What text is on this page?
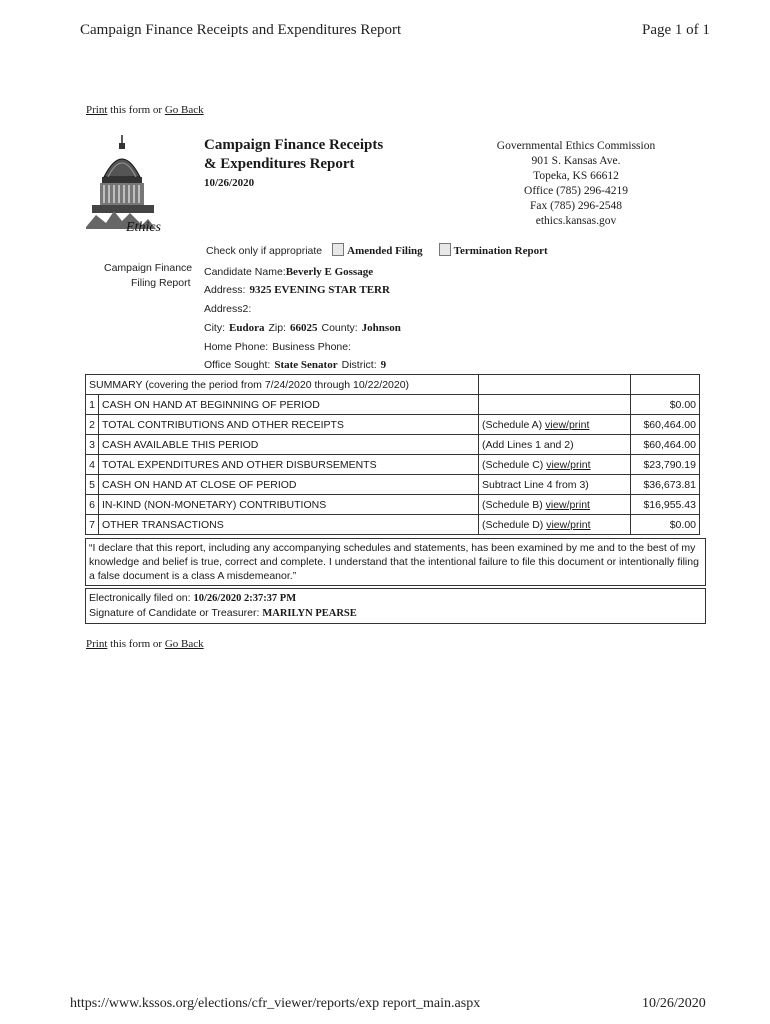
Campaign Finance Receipts and Expenditures Report	Page 1 of 1
Print this form or Go Back
Ethics
Campaign Finance Receipts
& Expenditures Report
10/26/2020
Governmental Ethics Commission
901 S. Kansas Ave.
Topeka, KS 66612
Office (785) 296-4219
Fax (785) 296-2548
ethics.kansas.gov
Check only if appropriate Amended Filing	Termination Report
Campaign Finance
Filing Report
Candidate Name:Beverly E Gossage
Address: 9325 EVENING STAR TERR
Address2:
City: Eudora Zip: 66025 County: Johnson
Home Phone: Business Phone:
Office Sought: State Senator District: 9
SUMMARY (covering the period from 7/24/2020 through 10/22/2020)			
1	CASH ON HAND AT BEGINNING OF PERIOD		$0.00
2	TOTAL CONTRIBUTIONS AND OTHER RECEIPTS	(Schedule A) view/print	$60,464.00
3	CASH AVAILABLE THIS PERIOD	(Add Lines 1 and 2)	$60,464.00
4	TOTAL EXPENDITURES AND OTHER DISBURSEMENTS	(Schedule C) view/print	$23,790.19
5	CASH ON HAND AT CLOSE OF PERIOD	Subtract Line 4 from 3)	$36,673.81
6	IN-KIND (NON-MONETARY) CONTRIBUTIONS	(Schedule B) view/print	$16,955.43
7	OTHER TRANSACTIONS	(Schedule D) view/print	$0.00
“I declare that this report, including any accompanying schedules and statements, has been examined by me and to the best of my knowledge and belief is true, correct and complete. I understand that the intentional failure to file this document or intentionally filing a false document is a class A misdemeanor.”
Electronically filed on: 10/26/2020 2:37:37 PM
Signature of Candidate or Treasurer: MARILYN PEARSE
Print this form or Go Back
https://www.kssos.org/elections/cfr_viewer/reports/exp report_main.aspx	10/26/2020
